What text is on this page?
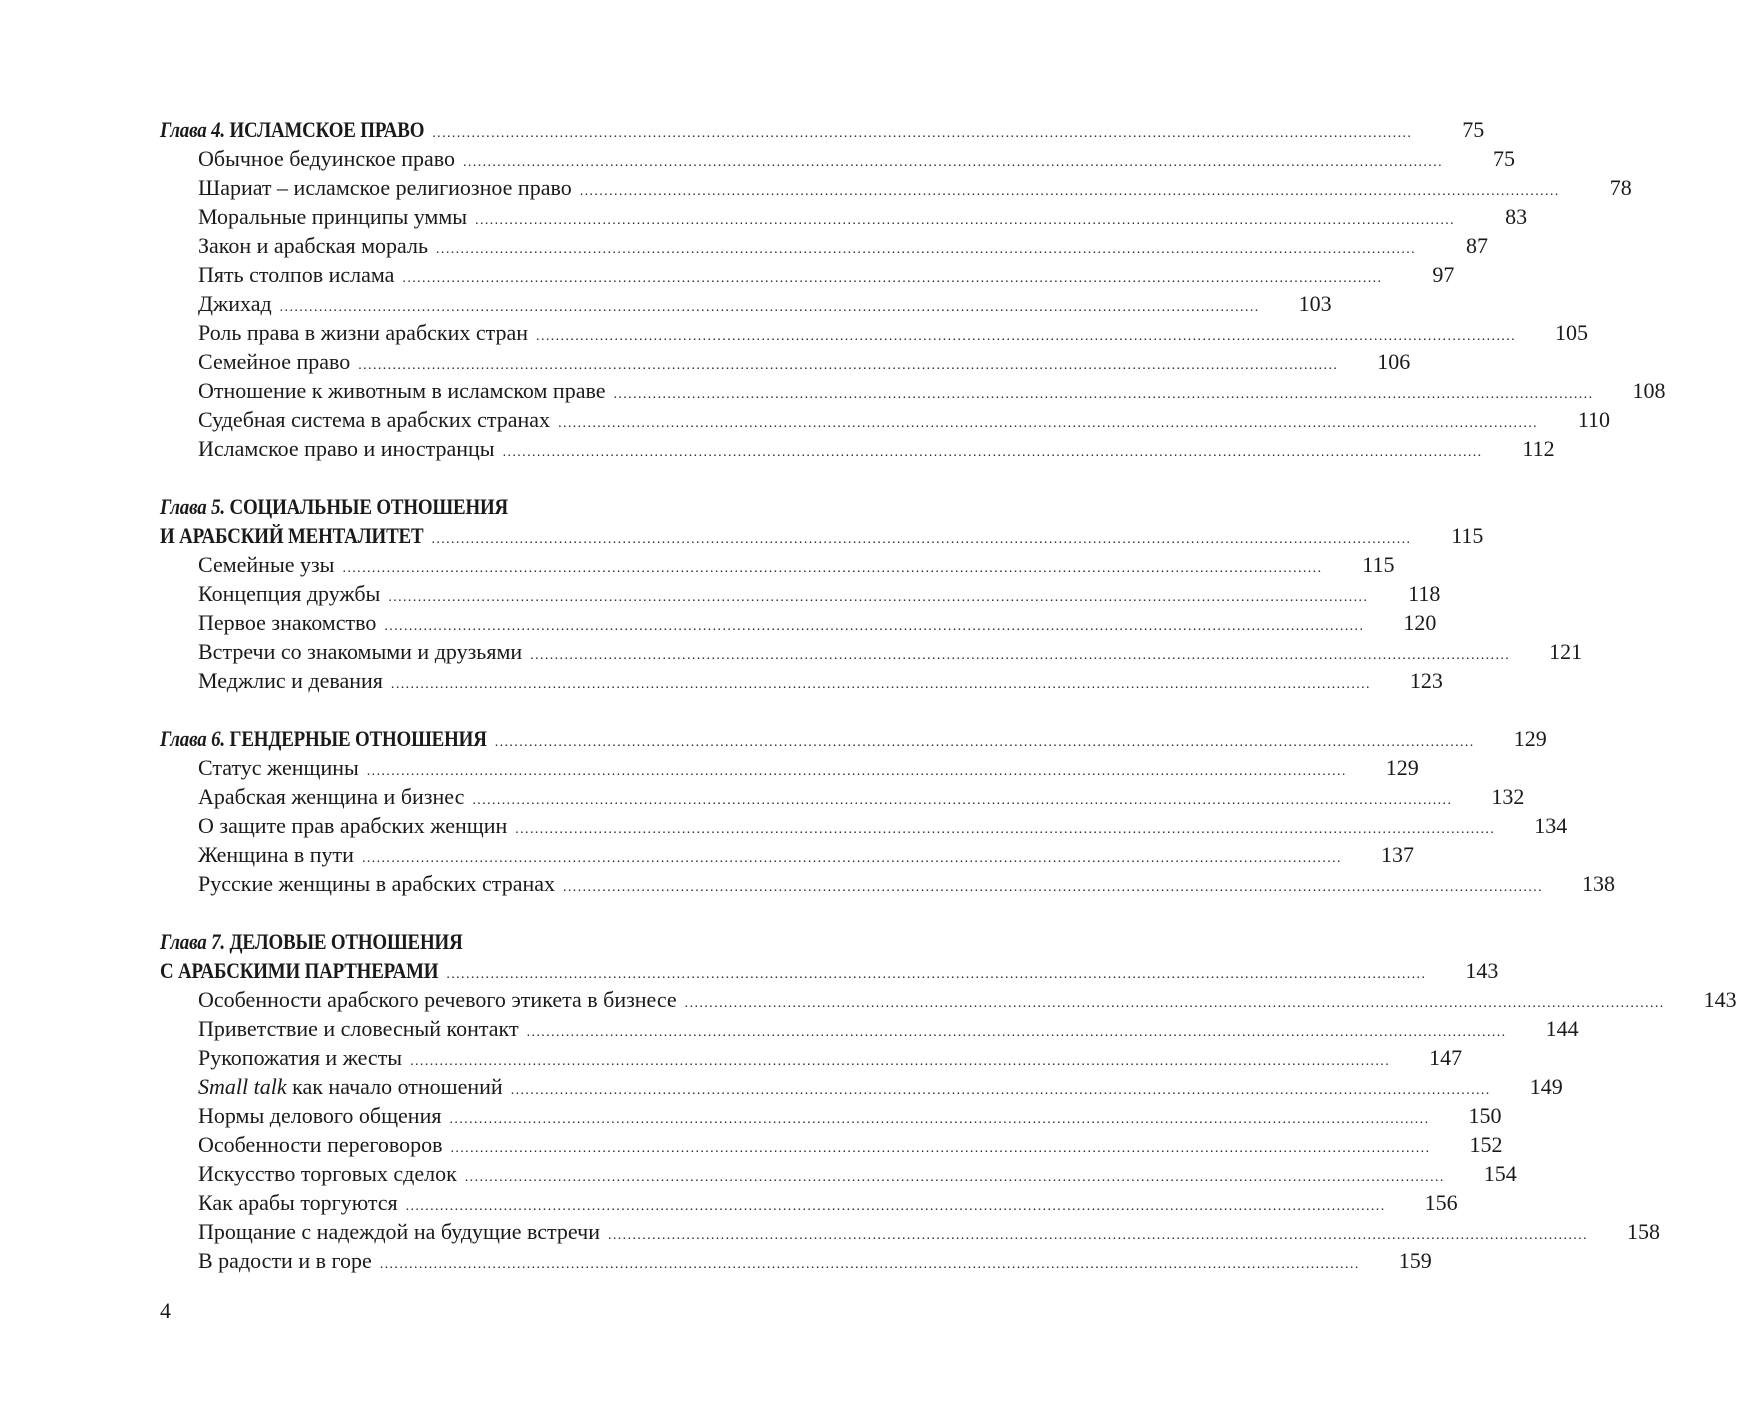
Глава 4. ИСЛАМСКОЕ ПРАВО ........................................................................................................................................................................................................	75
Обычное бедуинское право ........................................................................................................................................................................................................	75
Шариат – исламское религиозное право ........................................................................................................................................................................................................	78
Моральные принципы уммы ........................................................................................................................................................................................................	83
Закон и арабская мораль ........................................................................................................................................................................................................	87
Пять столпов ислама ........................................................................................................................................................................................................	97
Джихад ........................................................................................................................................................................................................	103
Роль права в жизни арабских стран ........................................................................................................................................................................................................	105
Семейное право ........................................................................................................................................................................................................	106
Отношение к животным в исламском праве ........................................................................................................................................................................................................	108
Судебная система в арабских странах ........................................................................................................................................................................................................	110
Исламское право и иностранцы ........................................................................................................................................................................................................	112
Глава 5. СОЦИАЛЬНЫЕ ОТНОШЕНИЯ
И АРАБСКИЙ МЕНТАЛИТЕТ ........................................................................................................................................................................................................	115
Семейные узы ........................................................................................................................................................................................................	115
Концепция дружбы ........................................................................................................................................................................................................	118
Первое знакомство ........................................................................................................................................................................................................	120
Встречи со знакомыми и друзьями ........................................................................................................................................................................................................	121
Меджлис и девания ........................................................................................................................................................................................................	123
Глава 6. ГЕНДЕРНЫЕ ОТНОШЕНИЯ ........................................................................................................................................................................................................	129
Статус женщины ........................................................................................................................................................................................................	129
Арабская женщина и бизнес ........................................................................................................................................................................................................	132
О защите прав арабских женщин ........................................................................................................................................................................................................	134
Женщина в пути ........................................................................................................................................................................................................	137
Русские женщины в арабских странах ........................................................................................................................................................................................................	138
Глава 7. ДЕЛОВЫЕ ОТНОШЕНИЯ
С АРАБСКИМИ ПАРТНЕРАМИ ........................................................................................................................................................................................................	143
Особенности арабского речевого этикета в бизнесе ........................................................................................................................................................................................................	143
Приветствие и словесный контакт ........................................................................................................................................................................................................	144
Рукопожатия и жесты ........................................................................................................................................................................................................	147
Small talk как начало отношений ........................................................................................................................................................................................................	149
Нормы делового общения ........................................................................................................................................................................................................	150
Особенности переговоров ........................................................................................................................................................................................................	152
Искусство торговых сделок ........................................................................................................................................................................................................	154
Как арабы торгуются ........................................................................................................................................................................................................	156
Прощание с надеждой на будущие встречи ........................................................................................................................................................................................................	158
В радости и в горе ........................................................................................................................................................................................................	159
4
